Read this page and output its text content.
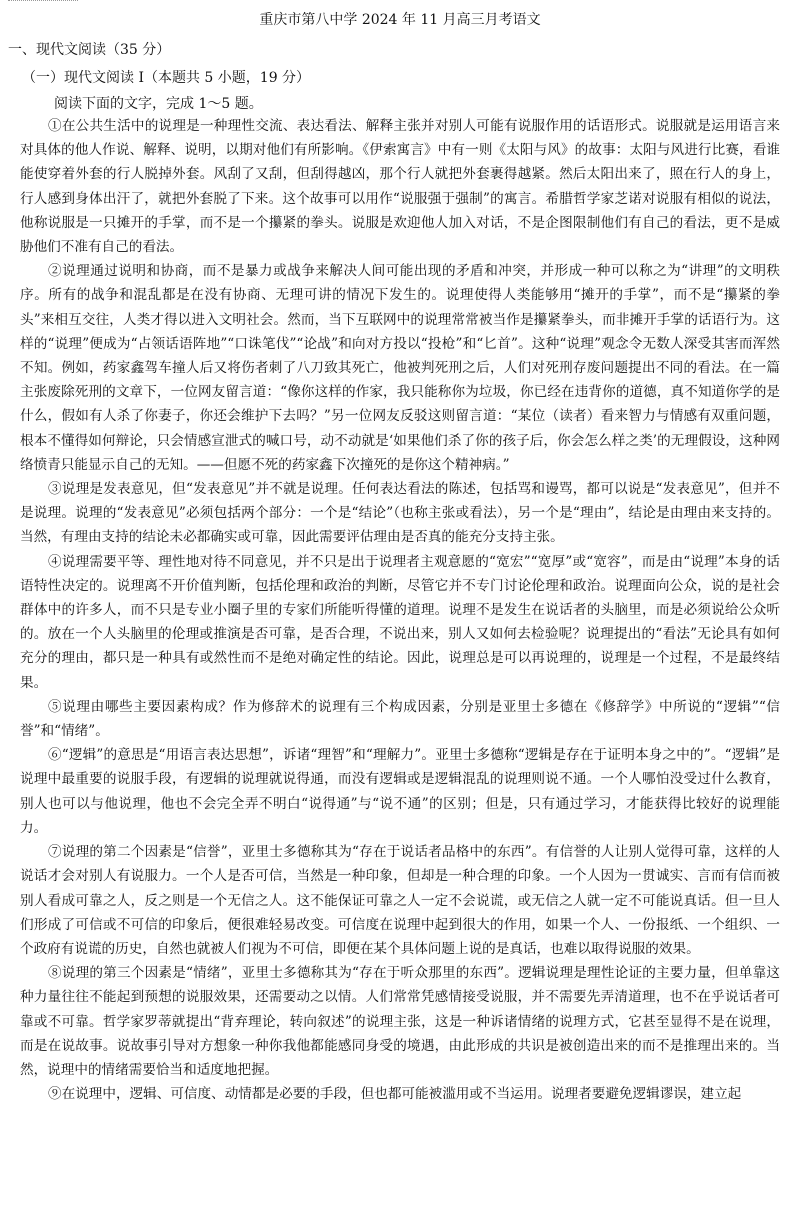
重庆市第八中学 2024 年 11 月高三月考语文
一、现代文阅读（35 分）
（一）现代文阅读 I（本题共 5 小题，19 分）
阅读下面的文字，完成 1～5 题。

①在公共生活中的说理是一种理性交流、表达看法、解释主张并对别人可能有说服作用的话语形式。说服就是运用语言来对具体的他人作说、解释、说明，以期对他们有所影响。《伊索寓言》中有一则《太阳与风》的故事：太阳与风进行比赛，看谁能使穿着外套的行人脱掉外套。风刮了又刮，但刮得越凶，那个行人就把外套裹得越紧。然后太阳出来了，照在行人的身上，行人感到身体出汗了，就把外套脱了下来。这个故事可以用作“说服强于强制”的寓言。希腊哲学家芝诺对说服有相似的说法，他称说服是一只摊开的手掌，而不是一个攥紧的拳头。说服是欢迎他人加入对话，不是企图限制他们有自己的看法，更不是威胁他们不准有自己的看法。

②说理通过说明和协商，而不是暴力或战争来解决人间可能出现的矛盾和冲突，并形成一种可以称之为“讲理”的文明秩序。所有的战争和混乱都是在没有协商、无理可讲的情况下发生的。说理使得人类能够用“摊开的手掌”，而不是“攥紧的拳头”来相互交往，人类才得以进入文明社会。然而，当下互联网中的说理常常被当作是攥紧拳头，而非摊开手掌的话语行为。这样的“说理”便成为“占领话语阵地”“口诛笔伐”“论战”和向对方投以“投枪”和“匕首”。这种“说理”观念令无数人深受其害而浑然不知。例如，药家鑫驾车撞人后又将伤者刺了八刀致其死亡，他被判死刑之后，人们对死刑存废问题提出不同的看法。在一篇主张废除死刑的文章下，一位网友留言道：“像你这样的作家，我只能称你为垃圾，你已经在违背你的道德，真不知道你学的是什么，假如有人杀了你妻子，你还会维护下去吗？”另一位网友反驳这则留言道：“某位（读者）看来智力与情感有双重问题，根本不懂得如何辩论，只会情感宣泄式的喊口号，动不动就是‘如果他们杀了你的孩子后，你会怎么样之类’的无理假设，这种网络愤青只能显示自己的无知。——但愿不死的药家鑫下次撞死的是你这个精神病。”

③说理是发表意见，但“发表意见”并不就是说理。任何表达看法的陈述，包括骂和谩骂，都可以说是“发表意见”，但并不是说理。说理的“发表意见”必须包括两个部分：一个是“结论”（也称主张或看法），另一个是“理由”，结论是由理由来支持的。当然，有理由支持的结论未必都确实或可靠，因此需要评估理由是否真的能充分支持主张。

④说理需要平等、理性地对待不同意见，并不只是出于说理者主观意愿的“宽宏”“宽厚”或“宽容”，而是由“说理”本身的话语特性决定的。说理离不开价值判断，包括伦理和政治的判断，尽管它并不专门讨论伦理和政治。说理面向公众，说的是社会群体中的许多人，而不只是专业小圈子里的专家们所能听得懂的道理。说理不是发生在说话者的头脑里，而是必须说给公众听的。放在一个人头脑里的伦理或推演是否可靠，是否合理，不说出来，别人又如何去检验呢？说理提出的“看法”无论具有如何充分的理由，都只是一种具有或然性而不是绝对确定性的结论。因此，说理总是可以再说理的，说理是一个过程，不是最终结果。

⑤说理由哪些主要因素构成？作为修辞术的说理有三个构成因素，分别是亚里士多德在《修辞学》中所说的“逻辑”“信誉”和“情绪”。

⑥“逻辑”的意思是“用语言表达思想”，诉诸“理智”和“理解力”。亚里士多德称“逻辑是存在于证明本身之中的”。“逻辑”是说理中最重要的说服手段，有逻辑的说理就说得通，而没有逻辑或是逻辑混乱的说理则说不通。一个人哪怕没受过什么教育，别人也可以与他说理，他也不会完全弄不明白“说得通”与“说不通”的区别；但是，只有通过学习，才能获得比较好的说理能力。

⑦说理的第二个因素是“信誉”，亚里士多德称其为“存在于说话者品格中的东西”。有信誉的人让别人觉得可靠，这样的人说话才会对别人有说服力。一个人是否可信，当然是一种印象，但却是一种合理的印象。一个人因为一贯诚实、言而有信而被别人看成可靠之人，反之则是一个无信之人。这不能保证可靠之人一定不会说谎，或无信之人就一定不可能说真话。但一旦人们形成了可信或不可信的印象后，便很难轻易改变。可信度在说理中起到很大的作用，如果一个人、一份报纸、一个组织、一个政府有说谎的历史，自然也就被人们视为不可信，即便在某个具体问题上说的是真话，也难以取得说服的效果。

⑧说理的第三个因素是“情绪”，亚里士多德称其为“存在于听众那里的东西”。逻辑说理是理性论证的主要力量，但单靠这种力量往往不能起到预想的说服效果，还需要动之以情。人们常常凭感情接受说服，并不需要先弄清道理，也不在乎说话者可靠或不可靠。哲学家罗蒂就提出“背弃理论，转向叙述”的说理主张，这是一种诉诸情绪的说理方式，它甚至显得不是在说理，而是在说故事。说故事引导对方想象一种你我他都能感同身受的境遇，由此形成的共识是被创造出来的而不是推理出来的。当然，说理中的情绪需要恰当和适度地把握。

⑨在说理中，逻辑、可信度、动情都是必要的手段，但也都可能被滥用或不当运用。说理者要避免逻辑谬误，建立起
